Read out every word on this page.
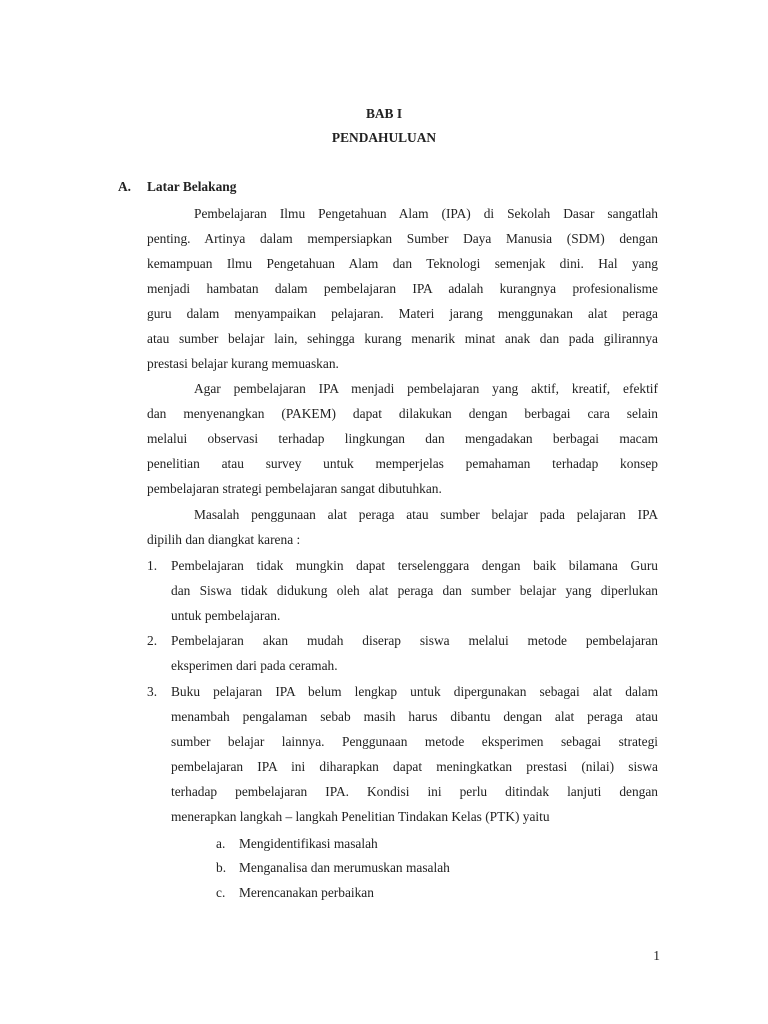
BAB I
PENDAHULUAN
A. Latar Belakang
Pembelajaran Ilmu Pengetahuan Alam (IPA) di Sekolah Dasar sangatlah
penting. Artinya dalam mempersiapkan Sumber Daya Manusia (SDM) dengan
kemampuan Ilmu Pengetahuan Alam dan Teknologi semenjak dini. Hal yang
menjadi hambatan dalam pembelajaran IPA adalah kurangnya profesionalisme
guru dalam menyampaikan pelajaran. Materi jarang menggunakan alat peraga
atau sumber belajar lain, sehingga kurang menarik minat anak dan pada gilirannya
prestasi belajar kurang memuaskan.
Agar pembelajaran IPA menjadi pembelajaran yang aktif, kreatif, efektif
dan menyenangkan (PAKEM) dapat dilakukan dengan berbagai cara selain
melalui observasi terhadap lingkungan dan mengadakan berbagai macam
penelitian atau survey untuk memperjelas pemahaman terhadap konsep
pembelajaran strategi pembelajaran sangat dibutuhkan.
Masalah penggunaan alat peraga atau sumber belajar pada pelajaran IPA
dipilih dan diangkat karena :
1. Pembelajaran tidak mungkin dapat terselenggara dengan baik bilamana Guru
dan Siswa tidak didukung oleh alat peraga dan sumber belajar yang diperlukan
untuk pembelajaran.
2. Pembelajaran akan mudah diserap siswa melalui metode pembelajaran
eksperimen dari pada ceramah.
3. Buku pelajaran IPA belum lengkap untuk dipergunakan sebagai alat dalam
menambah pengalaman sebab masih harus dibantu dengan alat peraga atau
sumber belajar lainnya. Penggunaan metode eksperimen sebagai strategi
pembelajaran IPA ini diharapkan dapat meningkatkan prestasi (nilai) siswa
terhadap pembelajaran IPA. Kondisi ini perlu ditindak lanjuti dengan
menerapkan langkah – langkah Penelitian Tindakan Kelas (PTK) yaitu
a. Mengidentifikasi masalah
b. Menganalisa dan merumuskan masalah
c. Merencanakan perbaikan
1
